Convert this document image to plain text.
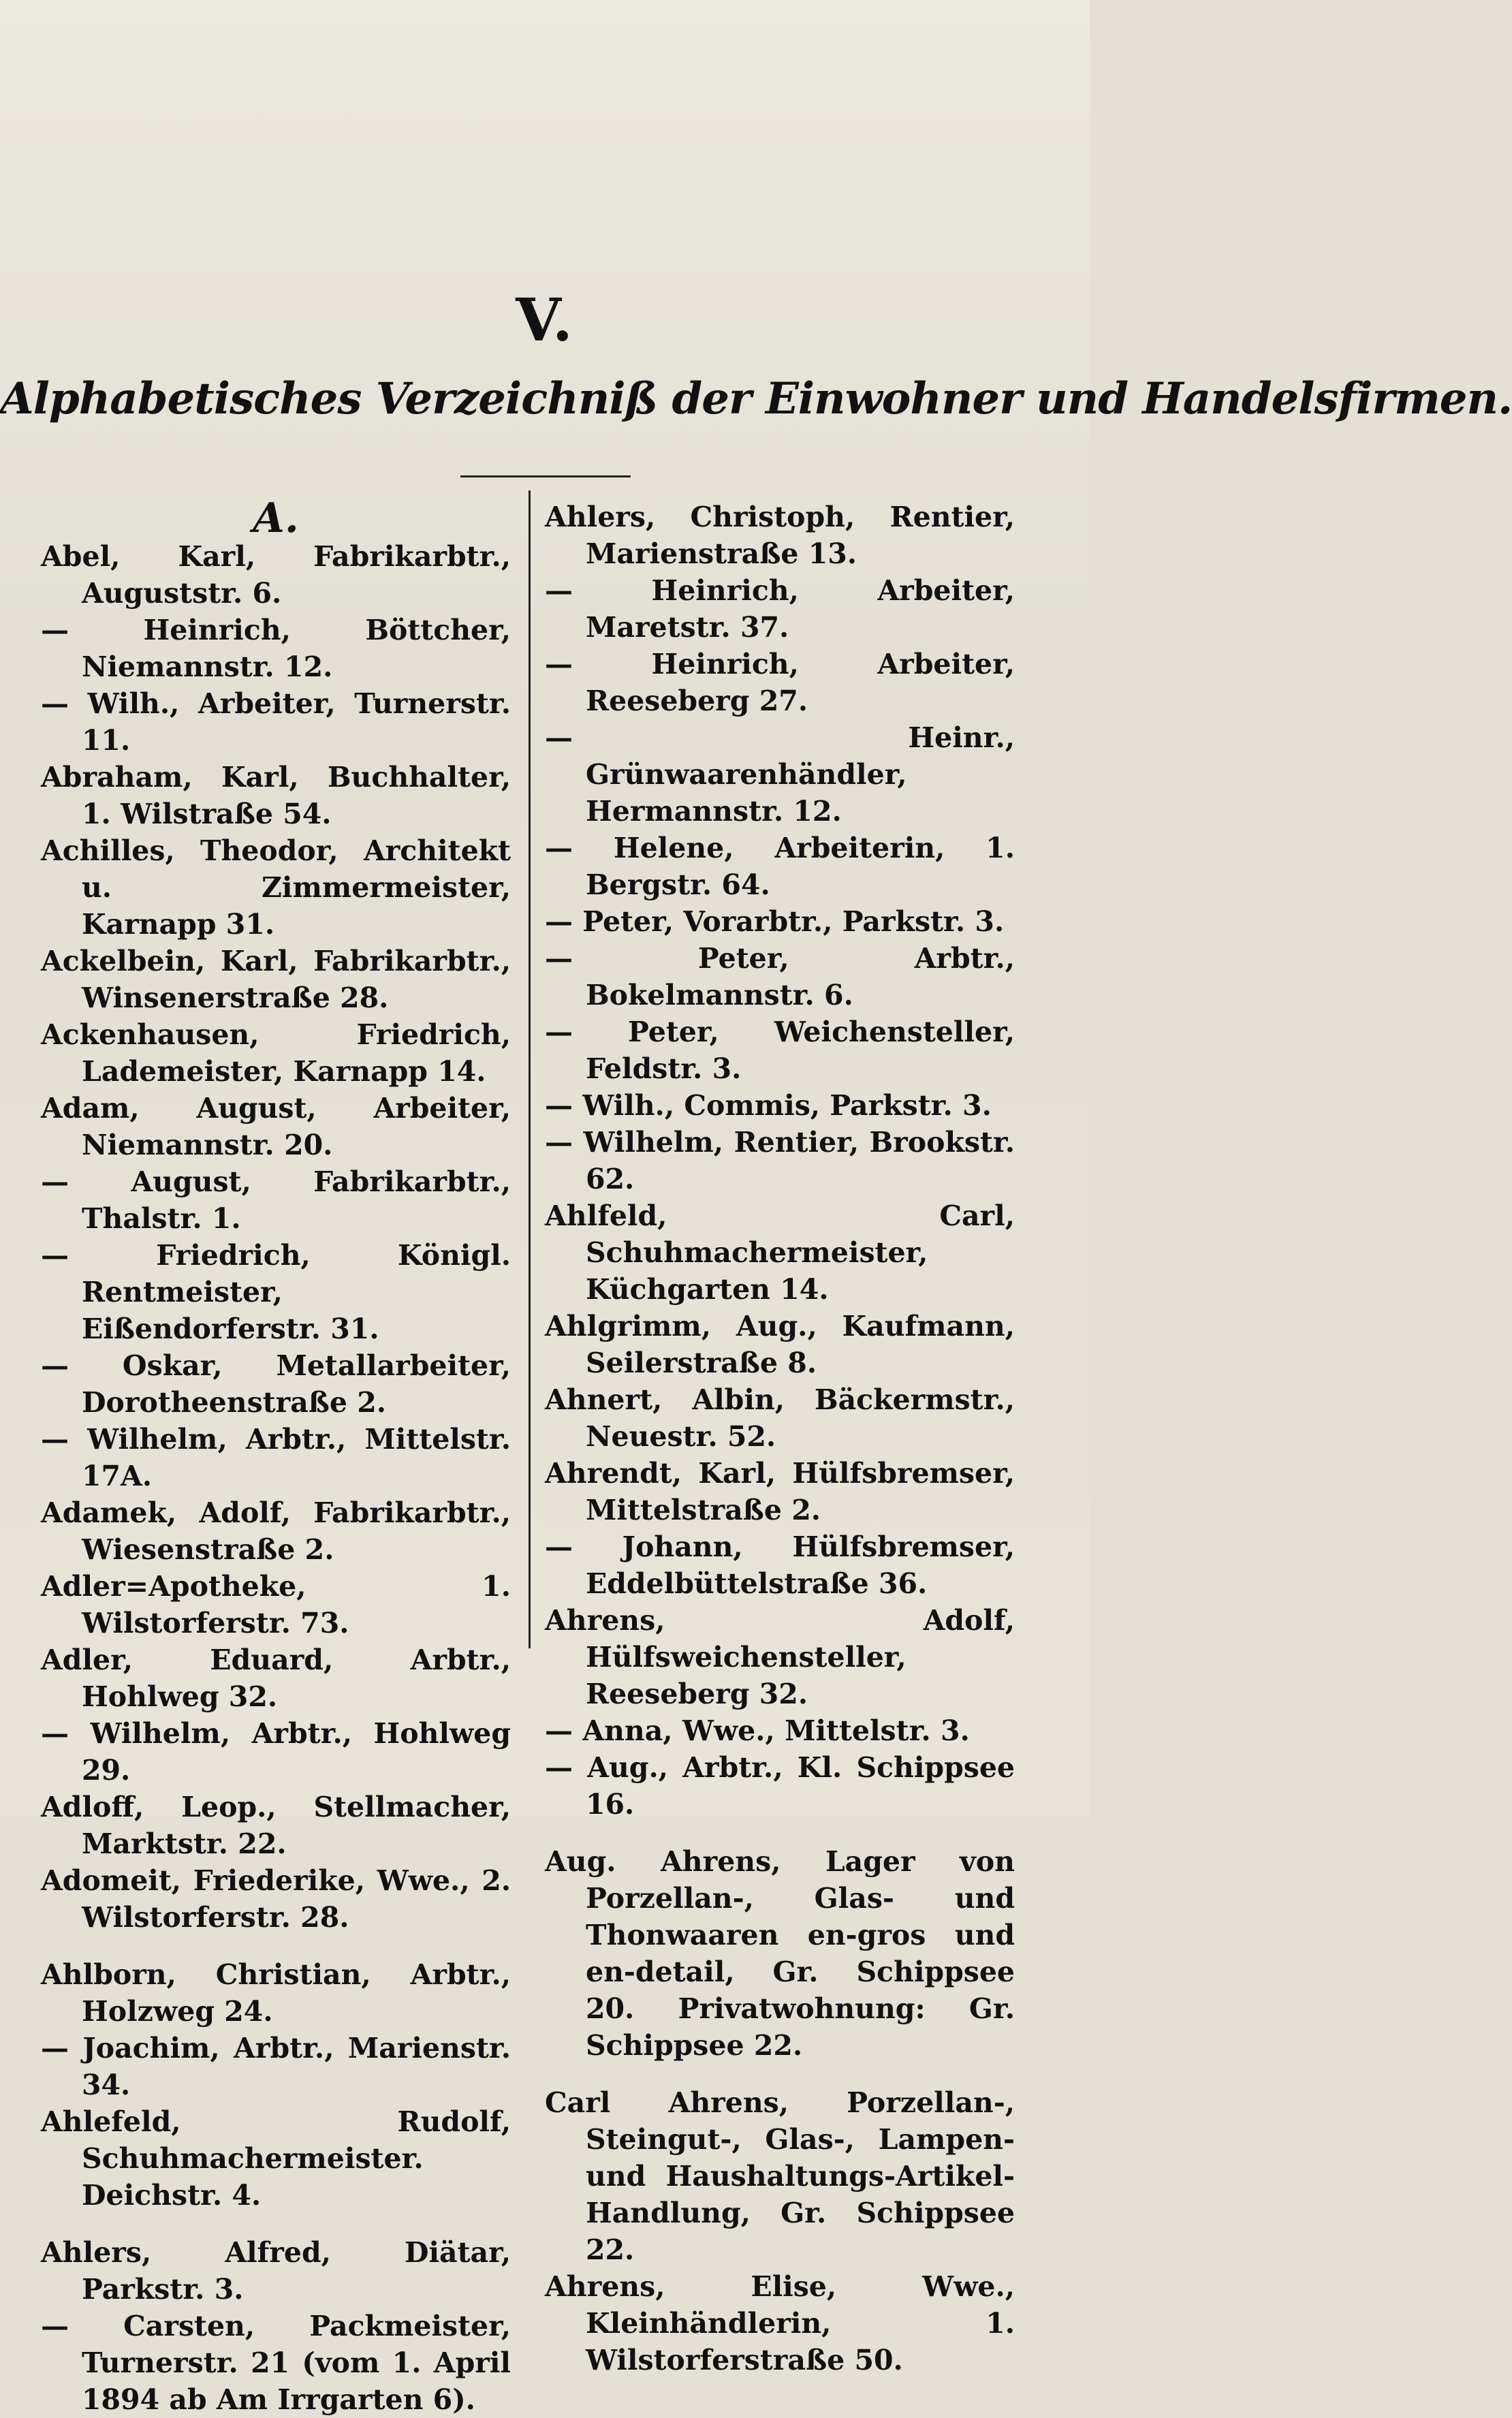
V.
Alphabetisches Verzeichniß der Einwohner und Handelsfirmen.
A.
Abel, Karl, Fabrikarbtr., Auguststr. 6.
— Heinrich, Böttcher, Niemannstr. 12.
— Wilh., Arbeiter, Turnerstr. 11.
Abraham, Karl, Buchhalter, 1. Wilstraße 54.
Achilles, Theodor, Architekt u. Zimmermeister, Karnapp 31.
Ackelbein, Karl, Fabrikarbtr., Winsenerstraße 28.
Ackenhausen, Friedrich, Lademeister, Karnapp 14.
Adam, August, Arbeiter, Niemannstr. 20.
— August, Fabrikarbtr., Thalstr. 1.
— Friedrich, Königl. Rentmeister, Eißendorferstr. 31.
— Oskar, Metallarbeiter, Dorotheenstraße 2.
— Wilhelm, Arbtr., Mittelstr. 17A.
Adamek, Adolf, Fabrikarbtr., Wiesenstraße 2.
Adler=Apotheke, 1. Wilstorferstr. 73.
Adler, Eduard, Arbtr., Hohlweg 32.
— Wilhelm, Arbtr., Hohlweg 29.
Adloff, Leop., Stellmacher, Marktstr. 22.
Adomeit, Friederike, Wwe., 2. Wilstorferstr. 28.
Ahlborn, Christian, Arbtr., Holzweg 24.
— Joachim, Arbtr., Marienstr. 34.
Ahlefeld, Rudolf, Schuhmachermeister. Deichstr. 4.
Ahlers, Alfred, Diätar, Parkstr. 3.
— Carsten, Packmeister, Turnerstr. 21 (vom 1. April 1894 ab Am Irrgarten 6).
Ahlers, Christoph, Rentier, Marienstraße 13.
— Heinrich, Arbeiter, Maretstr. 37.
— Heinrich, Arbeiter, Reeseberg 27.
— Heinr., Grünwaarenhändler, Hermannstr. 12.
— Helene, Arbeiterin, 1. Bergstr. 64.
— Peter, Vorarbtr., Parkstr. 3.
— Peter, Arbtr., Bokelmannstr. 6.
— Peter, Weichensteller, Feldstr. 3.
— Wilh., Commis, Parkstr. 3.
— Wilhelm, Rentier, Brookstr. 62.
Ahlfeld, Carl, Schuhmachermeister, Küchgarten 14.
Ahlgrimm, Aug., Kaufmann, Seilerstraße 8.
Ahnert, Albin, Bäckermstr., Neuestr. 52.
Ahrendt, Karl, Hülfsbremser, Mittelstraße 2.
— Johann, Hülfsbremser, Eddelbüttelstraße 36.
Ahrens, Adolf, Hülfsweichensteller, Reeseberg 32.
— Anna, Wwe., Mittelstr. 3.
— Aug., Arbtr., Kl. Schippsee 16.
Aug. Ahrens, Lager von Porzellan-, Glas- und Thonwaaren en-gros und en-detail, Gr. Schippsee 20. Privatwohnung: Gr. Schippsee 22.
Carl Ahrens, Porzellan-, Steingut-, Glas-, Lampen- und Haushaltungs-Artikel-Handlung, Gr. Schippsee 22.
Ahrens, Elise, Wwe., Kleinhändlerin, 1. Wilstorferstraße 50.
